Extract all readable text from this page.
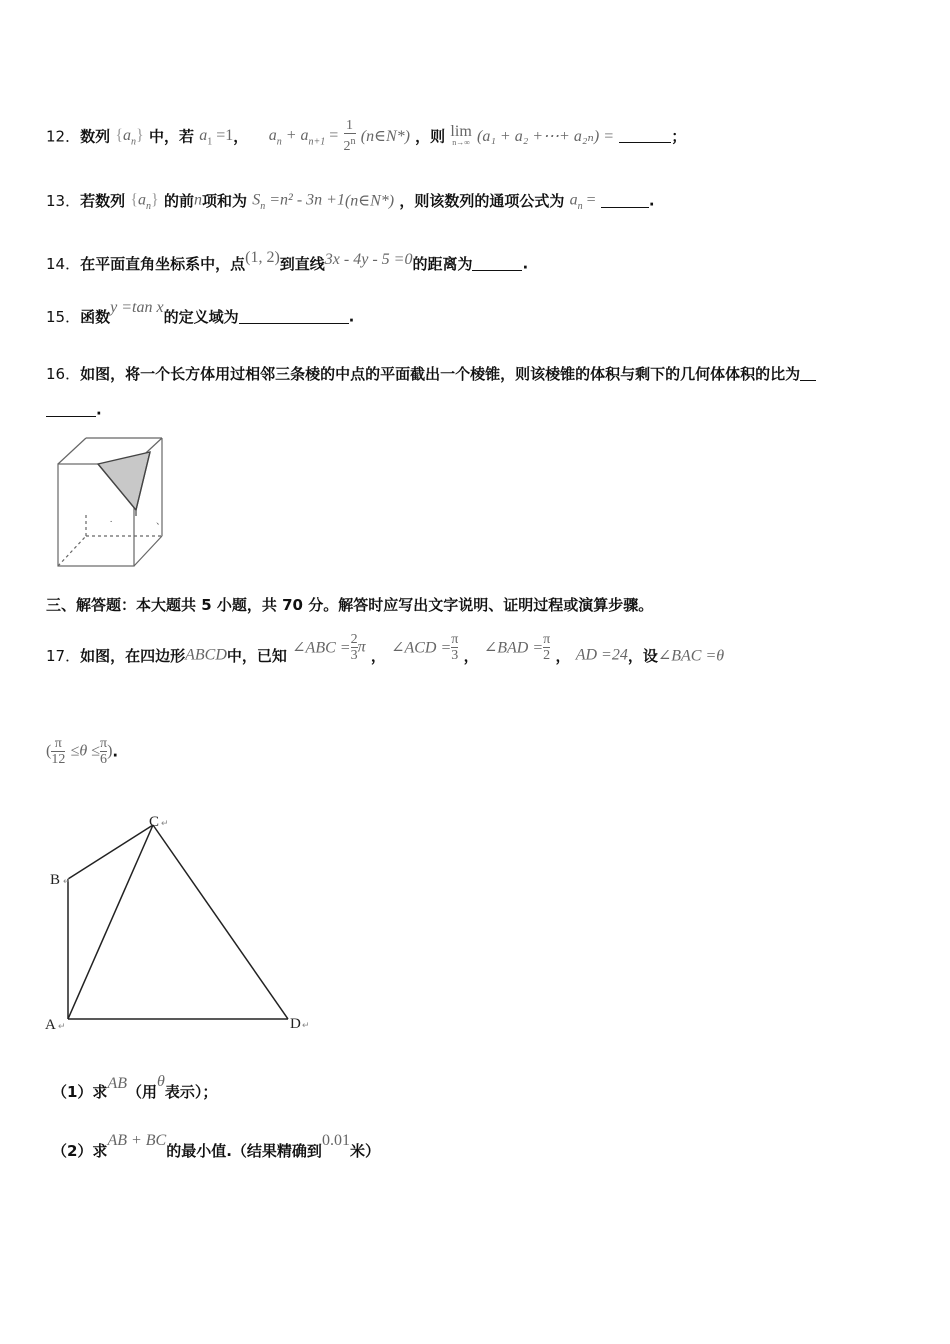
12．数列 $\{a_n\}$ 中，若 $a_1 =1$， $a_n + a_{n+1} = \frac{1}{2^n}$ (n∈N*) ，则 lim
n→∞ (a₁ + a₂ +⋯+ a₂ₙ) =	；
13．若数列 $\{a_n\}$ 的前n项和为 $S_n =n^2 - 3n$ +1(n∈N*) ，则该数列的通项公式为 $a_n$ =	.
14．在平面直角坐标系中，点(1, 2)到直线3x - 4y - 5 =0的距离为	.
15．函数y =tan x的定义域为	.
16．如图，将一个长方体用过相邻三条棱的中点的平面截出一个棱锥，则该棱锥的体积与剩下的几何体体积的比为
.
.	、
三、解答题：本大题共 5 小题，共 70 分。解答时应写出文字说明、证明过程或演算步骤。
17．如图，在四边形ABCD中，已知 ∠ABC = $\frac{2}{3}$ π ， ∠ACD = $\frac{\pi}{3}$ ， ∠BAD = $\frac{\pi}{2}$ ， AD =24，设∠BAC =θ
( $\frac{\pi}{12} \le\theta \le \frac{\pi}{6}$ ).
B ↵
C ↵
A ↵	D ↵
（1）求AB（用θ表示）；
（2）求AB + BC的最小值.（结果精确到0.01米）
